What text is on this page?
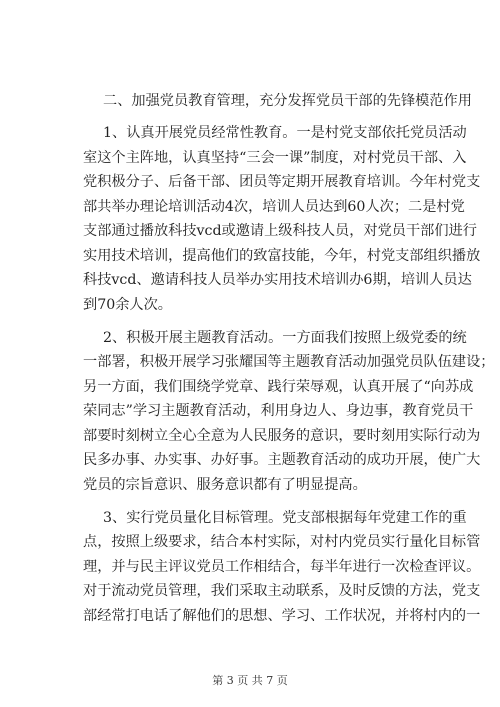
二、加强党员教育管理，充分发挥党员干部的先锋模范作用
1、认真开展党员经常性教育。一是村党支部依托党员活动
室这个主阵地，认真坚持“三会一课”制度，对村党员干部、入
党积极分子、后备干部、团员等定期开展教育培训。今年村党支
部共举办理论培训活动4次，培训人员达到60人次；二是村党
支部通过播放科技vcd或邀请上级科技人员，对党员干部们进行
实用技术培训，提高他们的致富技能，今年，村党支部组织播放
科技vcd、邀请科技人员举办实用技术培训办6期，培训人员达
到70余人次。
2、积极开展主题教育活动。一方面我们按照上级党委的统
一部署，积极开展学习张耀国等主题教育活动加强党员队伍建设；
另一方面，我们围绕学党章、践行荣辱观，认真开展了“向苏成
荣同志”学习主题教育活动，利用身边人、身边事，教育党员干
部要时刻树立全心全意为人民服务的意识，要时刻用实际行动为
民多办事、办实事、办好事。主题教育活动的成功开展，使广大
党员的宗旨意识、服务意识都有了明显提高。
3、实行党员量化目标管理。党支部根据每年党建工作的重
点，按照上级要求，结合本村实际，对村内党员实行量化目标管
理，并与民主评议党员工作相结合，每半年进行一次检查评议。
对于流动党员管理，我们采取主动联系，及时反馈的方法，党支
部经常打电话了解他们的思想、学习、工作状况，并将村内的一
第 3 页 共 7 页
